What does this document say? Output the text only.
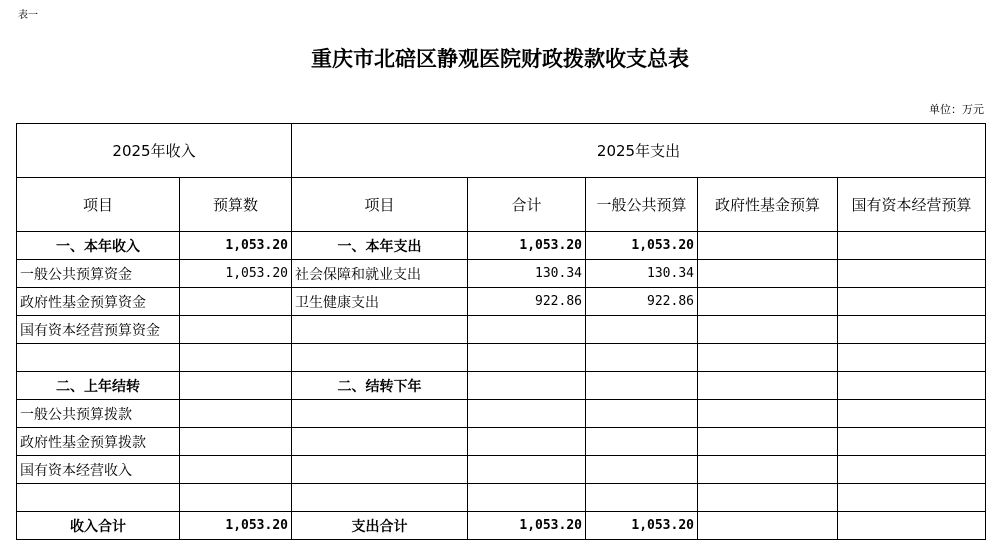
表一
重庆市北碚区静观医院财政拨款收支总表
单位：万元
2025年收入		2025年支出				
项目	预算数	项目	合计	一般公共预算	政府性基金预算	国有资本经营预算
一、本年收入	1,053.20	一、本年支出	1,053.20	1,053.20		
一般公共预算资金	1,053.20	社会保障和就业支出	130.34	130.34		
政府性基金预算资金		卫生健康支出	922.86	922.86		
国有资本经营预算资金						

二、上年结转		二、结转下年				
一般公共预算拨款						
政府性基金预算拨款						
国有资本经营收入						

收入合计	1,053.20	支出合计	1,053.20	1,053.20		
